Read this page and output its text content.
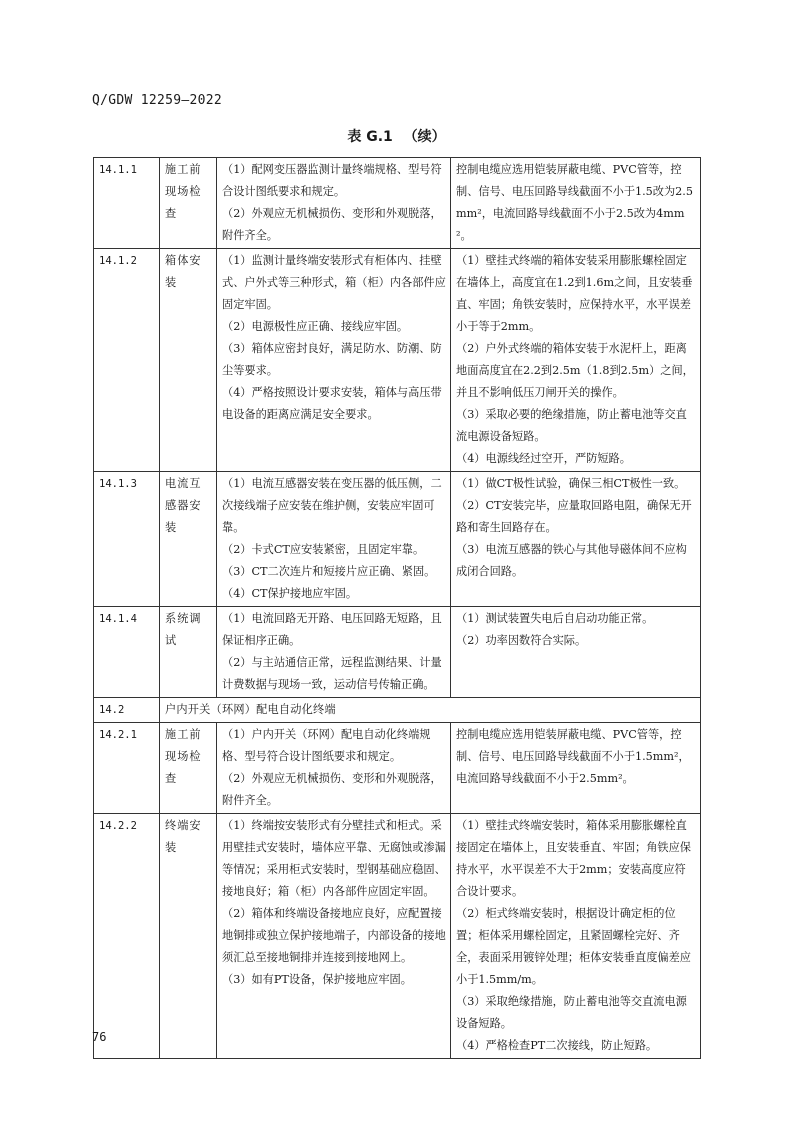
Q/GDW 12259—2022
表 G.1 （续）
14.1.1	施工前现场检查	（1）配网变压器监测计量终端规格、型号符合设计图纸要求和规定。
（2）外观应无机械损伤、变形和外观脱落，附件齐全。	控制电缆应选用铠装屏蔽电缆、PVC管等，控制、信号、电压回路导线截面不小于1.5改为2.5mm²，电流回路导线截面不小于2.5改为4mm²。

14.1.2	箱体安装	（1）监测计量终端安装形式有柜体内、挂壁式、户外式等三种形式，箱（柜）内各部件应固定牢固。
（2）电源极性应正确、接线应牢固。
（3）箱体应密封良好，满足防水、防潮、防尘等要求。
（4）严格按照设计要求安装，箱体与高压带电设备的距离应满足安全要求。	（1）壁挂式终端的箱体安装采用膨胀螺栓固定在墙体上，高度宜在1.2到1.6m之间，且安装垂直、牢固；角铁安装时，应保持水平，水平误差小于等于2mm。
（2）户外式终端的箱体安装于水泥杆上，距离地面高度宜在2.2到2.5m（1.8到2.5m）之间，并且不影响低压刀闸开关的操作。
（3）采取必要的绝缘措施，防止蓄电池等交直流电源设备短路。
（4）电源线经过空开，严防短路。

14.1.3	电流互感器安装	（1）电流互感器安装在变压器的低压侧，二次接线端子应安装在维护侧，安装应牢固可靠。
（2）卡式CT应安装紧密，且固定牢靠。
（3）CT二次连片和短接片应正确、紧固。
（4）CT保护接地应牢固。	（1）做CT极性试验，确保三相CT极性一致。
（2）CT安装完毕，应量取回路电阻，确保无开路和寄生回路存在。
（3）电流互感器的铁心与其他导磁体间不应构成闭合回路。

14.1.4	系统调试	（1）电流回路无开路、电压回路无短路，且保证相序正确。
（2）与主站通信正常，远程监测结果、计量计费数据与现场一致，运动信号传输正确。	（1）测试装置失电后自启动功能正常。
（2）功率因数符合实际。

14.2	户内开关（环网）配电自动化终端		
14.2.1	施工前现场检查	（1）户内开关（环网）配电自动化终端规格、型号符合设计图纸要求和规定。
（2）外观应无机械损伤、变形和外观脱落，附件齐全。	控制电缆应选用铠装屏蔽电缆、PVC管等，控制、信号、电压回路导线截面不小于1.5mm²，电流回路导线截面不小于2.5mm²。

14.2.2	终端安装	（1）终端按安装形式有分壁挂式和柜式。采用壁挂式安装时，墙体应平靠、无腐蚀或渗漏等情况；采用柜式安装时，型钢基础应稳固、接地良好；箱（柜）内各部件应固定牢固。
（2）箱体和终端设备接地应良好，应配置接地铜排或独立保护接地端子，内部设备的接地须汇总至接地铜排并连接到接地网上。
（3）如有PT设备，保护接地应牢固。	（1）壁挂式终端安装时，箱体采用膨胀螺栓直接固定在墙体上，且安装垂直、牢固；角铁应保持水平，水平误差不大于2mm；安装高度应符合设计要求。
（2）柜式终端安装时，根据设计确定柜的位置；柜体采用螺栓固定，且紧固螺栓完好、齐全，表面采用镀锌处理；柜体安装垂直度偏差应小于1.5mm/m。
（3）采取绝缘措施，防止蓄电池等交直流电源设备短路。
（4）严格检查PT二次接线，防止短路。
76
